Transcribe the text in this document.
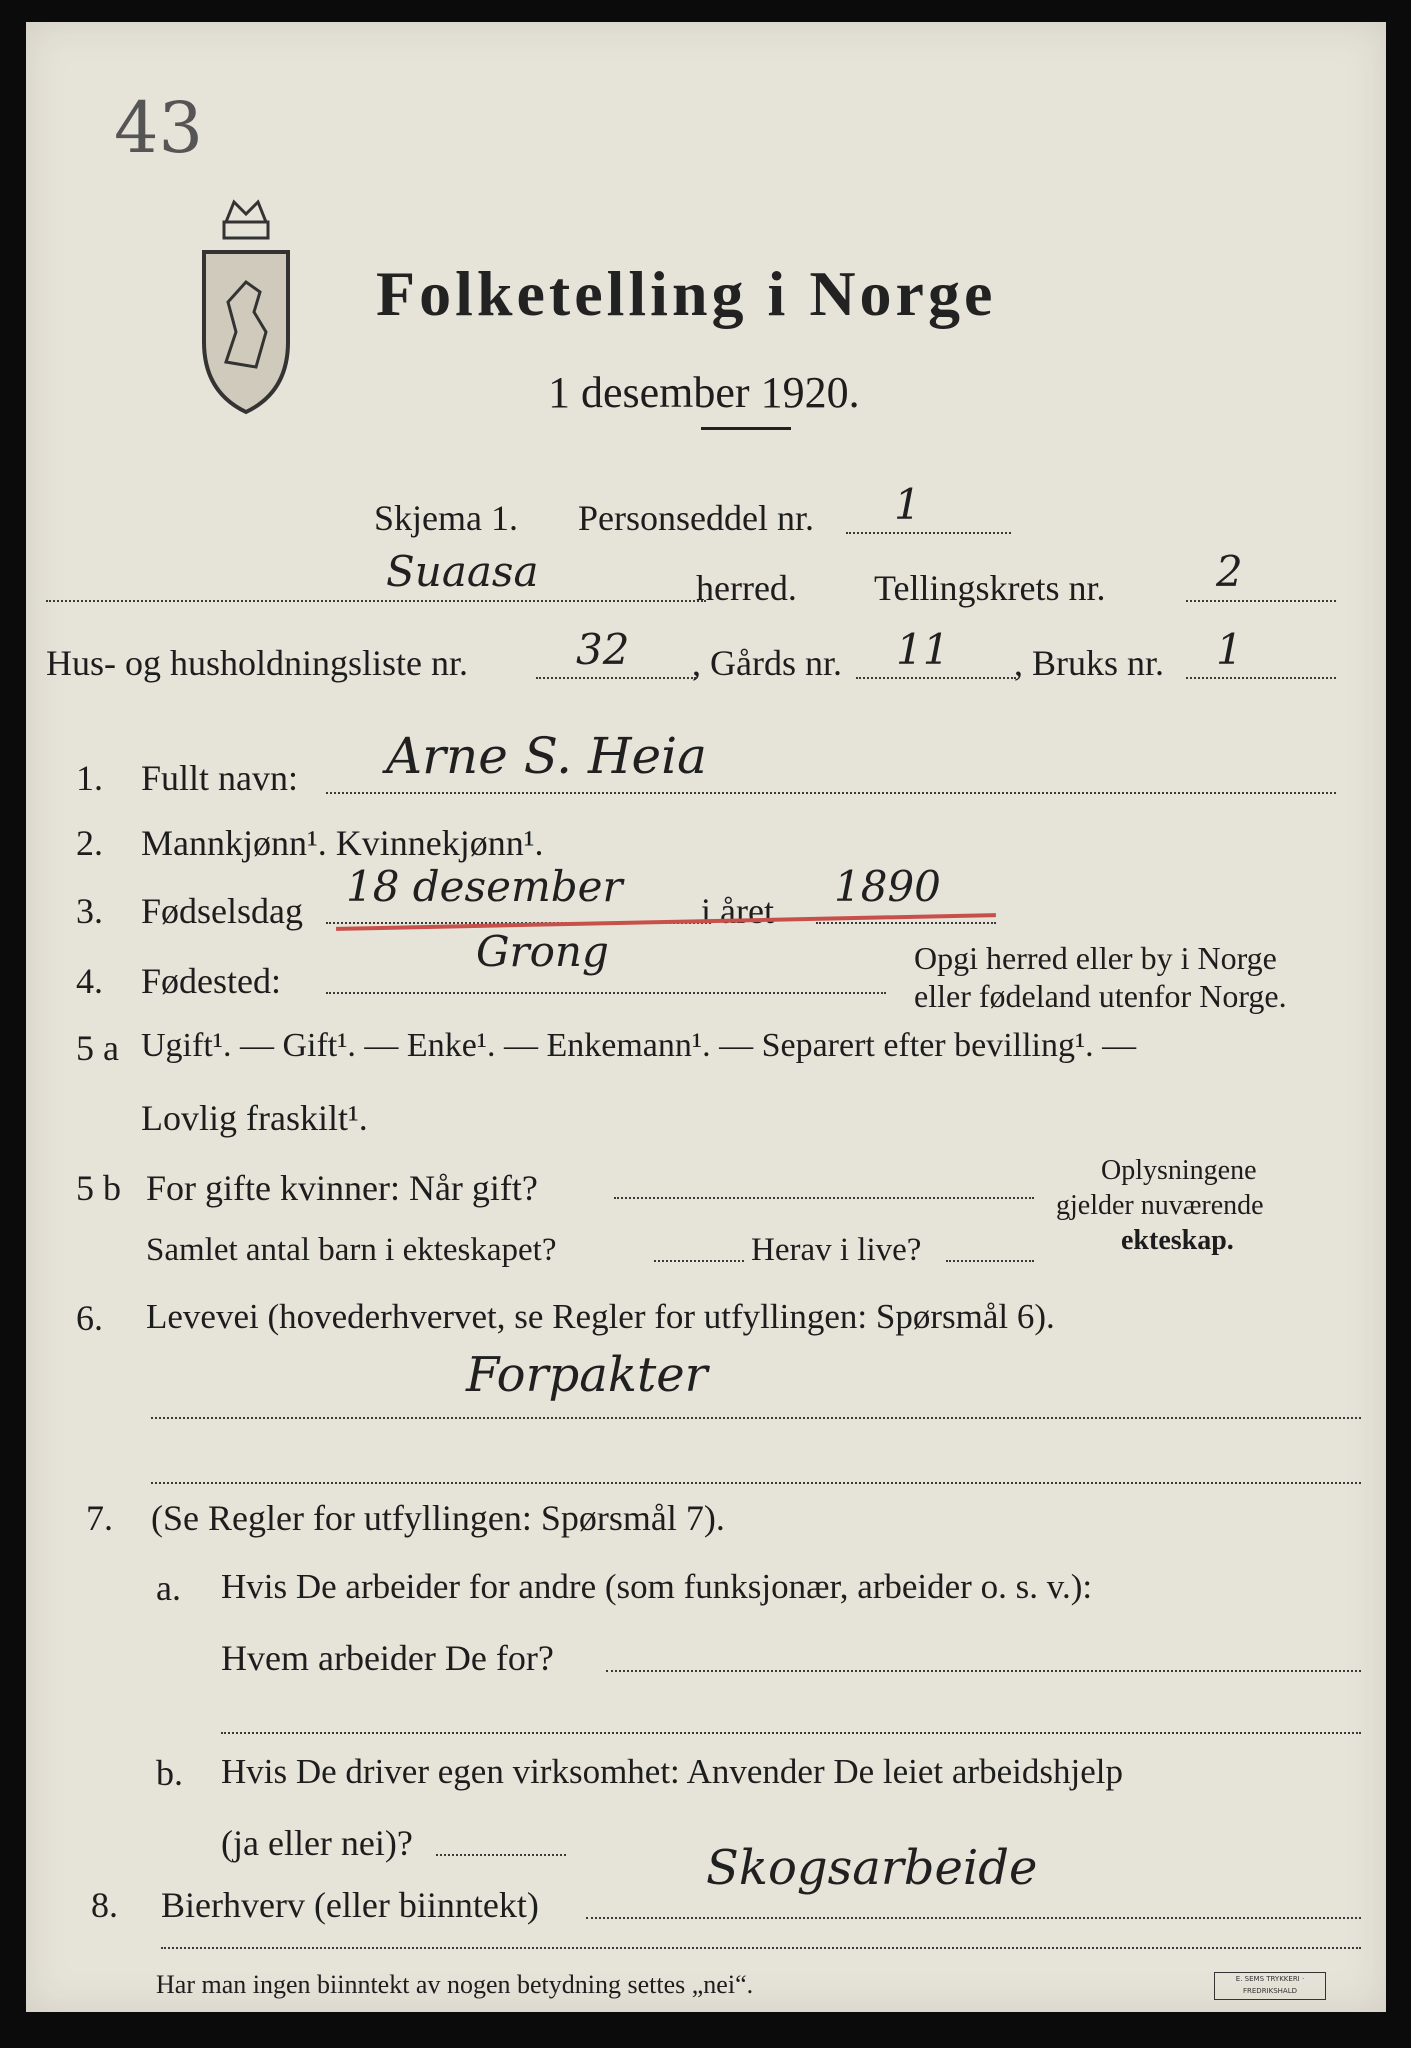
43
Folketelling i Norge
1 desember 1920.
Skjema 1. Personseddel nr. 1
Suaasa	herred. Tellingskrets nr.	2
Hus- og husholdningsliste nr.	32 , Gårds nr. 11 , Bruks nr. 1
1. Fullt navn: Arne S. Heia
2. Mannkjønn¹. Kvinnekjønn¹.
3. Fødselsdag 18 desember i året 1890
4. Fødested:
Grong	Opgi herred eller by i Norge
eller fødeland utenfor Norge.
5 a Ugift¹. — Gift¹. — Enke¹. — Enkemann¹. — Separert efter bevilling¹. —
Lovlig fraskilt¹.
5 b For gifte kvinner: Når gift?
Samlet antal barn i ekteskapet?	Herav i live?
Oplysningene
gjelder nuværende
ekteskap.
6. Levevei (hovederhvervet, se Regler for utfyllingen: Spørsmål 6).
Forpakter
7. (Se Regler for utfyllingen: Spørsmål 7).
a. Hvis De arbeider for andre (som funksjonær, arbeider o. s. v.):
Hvem arbeider De for?
b. Hvis De driver egen virksomhet: Anvender De leiet arbeidshjelp
(ja eller nei)?
8. Bierhverv (eller biinntekt)
Skogsarbeide
Har man ingen biinntekt av nogen betydning settes „nei“.	E. SEMS TRYKKERI · FREDRIKSHALD
